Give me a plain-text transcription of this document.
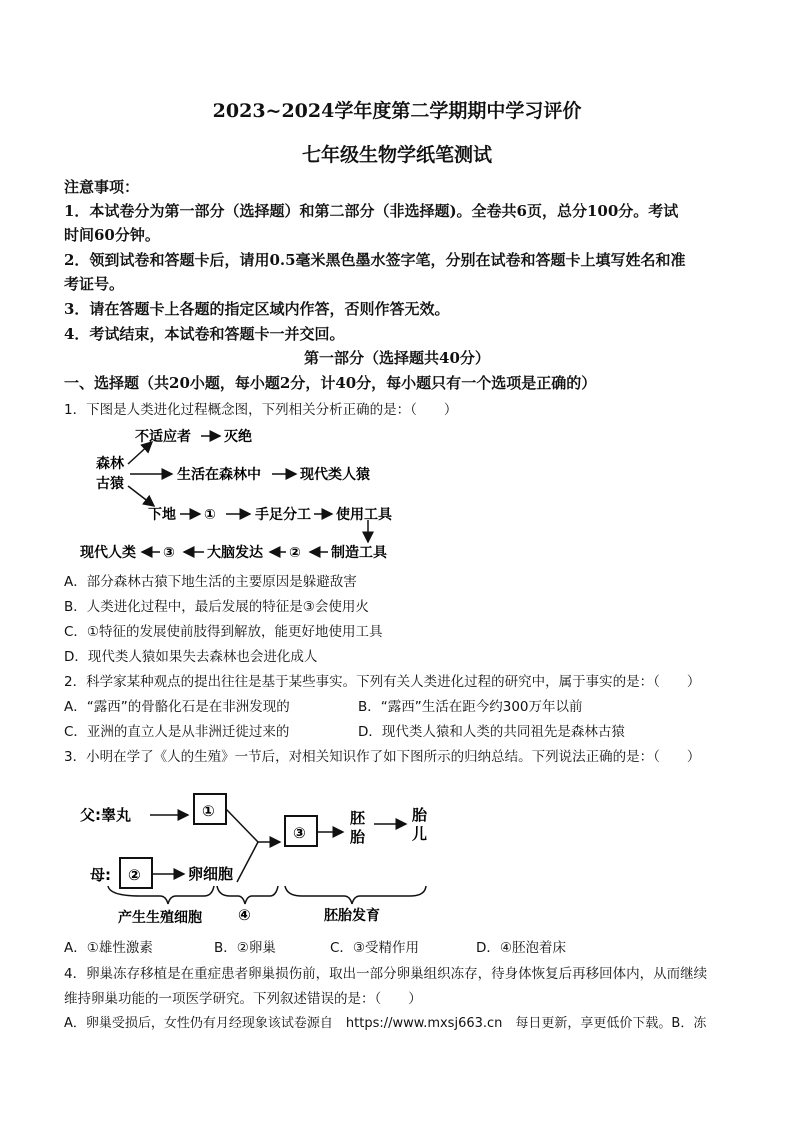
2023~2024学年度第二学期期中学习评价
七年级生物学纸笔测试
注意事项：
1．本试卷分为第一部分（选择题）和第二部分（非选择题)。全卷共6页，总分100分。考试
时间60分钟。
2．领到试卷和答题卡后，请用0.5毫米黑色墨水签字笔，分别在试卷和答题卡上填写姓名和准
考证号。
3．请在答题卡上各题的指定区域内作答，否则作答无效。
4．考试结束，本试卷和答题卡一并交回。
第一部分（选择题共40分）
一、选择题（共20小题，每小题2分，计40分，每小题只有一个选项是正确的）
1．下图是人类进化过程概念图，下列相关分析正确的是：（　　）
不适应者 灭绝
森林
古猿
生活在森林中	现代类人猿
下地 ①	手足分工 使用工具
现代人类 ③ 大脑发达 ② 制造工具
A．部分森林古猿下地生活的主要原因是躲避敌害
B．人类进化过程中，最后发展的特征是③会使用火
C．①特征的发展使前肢得到解放，能更好地使用工具
D．现代类人猿如果失去森林也会进化成人
2．科学家某种观点的提出往往是基于某些事实。下列有关人类进化过程的研究中，属于事实的是：（　　）
A．“露西”的骨骼化石是在非洲发现的	B．“露西”生活在距今约300万年以前
C．亚洲的直立人是从非洲迁徙过来的	D．现代类人猿和人类的共同祖先是森林古猿
3．小明在学了《人的生殖》一节后，对相关知识作了如下图所示的归纳总结。下列说法正确的是：（　　）
父:睾丸	①
③
胚
胎
胎
儿
母: ②	卵细胞
产生生殖细胞 ④	胚胎发育
A．①雄性激素	B．②卵巢	C．③受精作用	D．④胚泡着床
4．卵巢冻存移植是在重症患者卵巢损伤前，取出一部分卵巢组织冻存，待身体恢复后再移回体内，从而继续
维持卵巢功能的一项医学研究。下列叙述错误的是：（　　）
A．卵巢受损后，女性仍有月经现象该试卷源自　https://www.mxsj663.cn　每日更新，享更低价下载。B．冻
